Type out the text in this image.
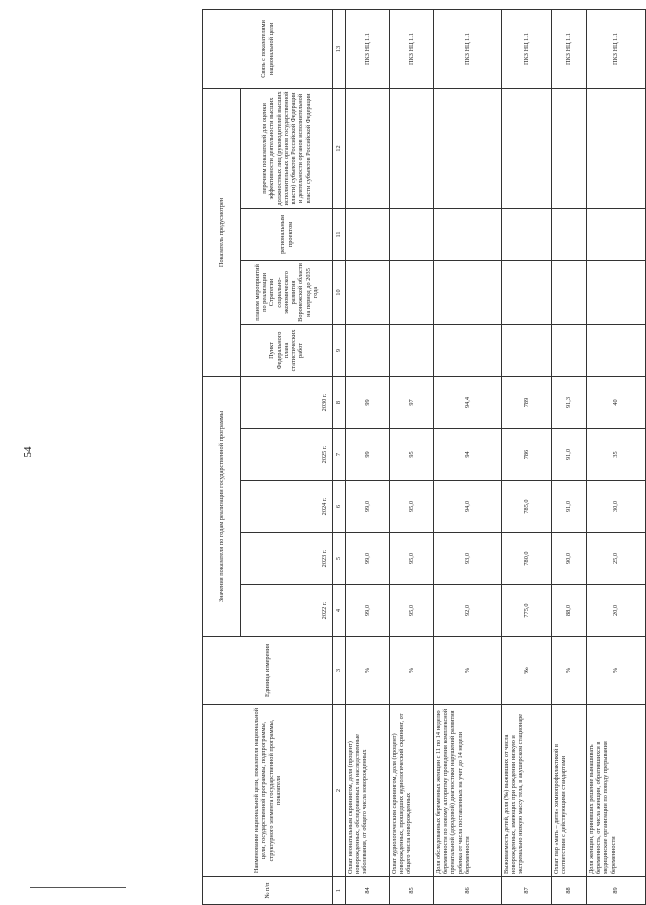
54
№ п/п	Наименование национальной цели, показателя национальной цели, государственной программы, подпрограммы, структурного элемента государственной программы, показателя	Единица измерения	Значения показателя по годам реализации государственной программы					Показатель предусмотрен				Связь с показателями национальной цели
			2022 г.	2023 г.	2024 г.	2025 г.	2030 г.	Пункт Федерального плана статистических работ	планом мероприятий по реализации Стратегии социально-экономического развития Воронежской области на период до 2035 года	региональным проектом	перечнем показателей для оценки эффективности деятельности высших должностных лиц (руководителей высших исполнительных органов государственной власти) субъектов Российской Федерации и деятельности органов исполнительной власти субъектов Российской Федерации	
1	2	3	4	5	6	7	8	9	10	11	12	13
84	Охват неонатальным скринингом, доля (процент) новорожденных, обследованных на наследственные заболевания, от общего числа новорожденных	%	99,0	99,0	99,0	99	99					ПКЗ НЦ 1.1
85	Охват аудиологическим скринингом, доля (процент) новорожденных, прошедших аудиологический скрининг, от общего числа новорожденных	%	95,0	95,0	95,0	95	97					ПКЗ НЦ 1.1
86	Доля обследованных беременных женщин с 11 по 14 неделю беременности по новому алгоритму проведения комплексной пренатальной (дородовой) диагностики нарушений развития ребенка от числа поставленных на учет до 14 недели беременности	%	92,0	93,0	94,0	94	94,4					ПКЗ НЦ 1.1
87	Выживаемость детей, доля (‰) выживших от числа новорожденных, имеющих при рождении низкую и экстремально низкую массу тела, в акушерском стационаре	‰	775,0	780,0	785,0	786	789					ПКЗ НЦ 1.1
88	Охват пар «мать – дитя» химиопрофилактикой в соответствии с действующими стандартами	%	88,0	90,0	91,0	91,0	91,3					ПКЗ НЦ 1.1
89	Доля женщин, принявших решение вынашивать беременность, от числа женщин, обратившихся в медицинские организации по поводу прерывания беременности	%	20,0	25,0	30,0	35	40					ПКЗ НЦ 1.1
